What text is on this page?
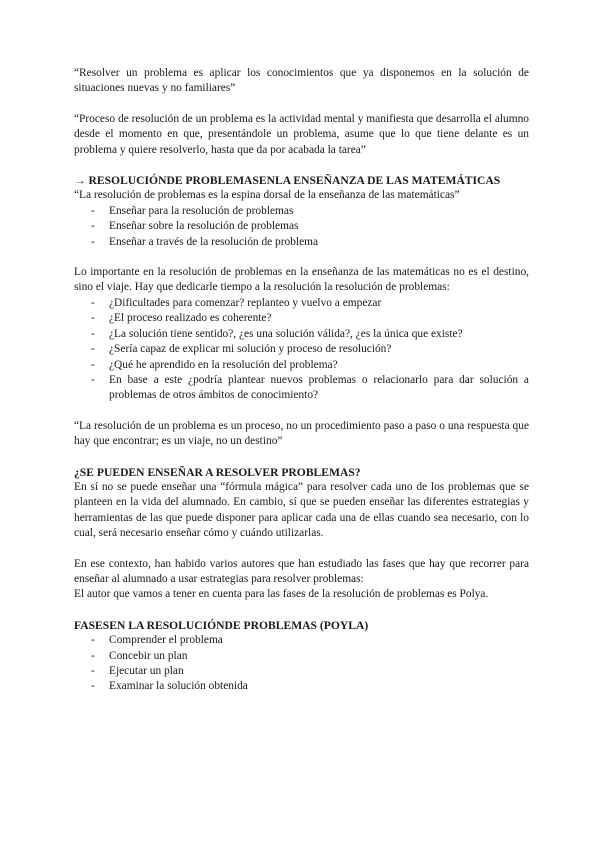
“Resolver un problema es aplicar los conocimientos que ya disponemos en la solución de situaciones nuevas y no familiares”

“Proceso de resolución de un problema es la actividad mental y manifiesta que desarrolla el alumno desde el momento en que, presentándole un problema, asume que lo que tiene delante es un problema y quiere resolverlo, hasta que da por acabada la tarea”

→ RESOLUCIÓNDE PROBLEMASENLA ENSEÑANZA DE LAS MATEMÁTICAS

“La resolución de problemas es la espina dorsal de la enseñanza de las matemáticas”

- Enseñar para la resolución de problemas
- Enseñar sobre la resolución de problemas
- Enseñar a través de la resolución de problema

Lo importante en la resolución de problemas en la enseñanza de las matemáticas no es el destino, sino el viaje. Hay que dedicarle tiempo a la resolución la resolución de problemas:

- ¿Dificultades para comenzar? replanteo y vuelvo a empezar
- ¿El proceso realizado es coherente?
- ¿La solución tiene sentido?, ¿es una solución válida?, ¿es la única que existe?
- ¿Sería capaz de explicar mi solución y proceso de resolución?
- ¿Qué he aprendido en la resolución del problema?
- En base a este ¿podría plantear nuevos problemas o relacionarlo para dar solución a problemas de otros ámbitos de conocimiento?

“La resolución de un problema es un proceso, no un procedimiento paso a paso o una respuesta que hay que encontrar; es un viaje, no un destino”

¿SE PUEDEN ENSEÑAR A RESOLVER PROBLEMAS?

En sí no se puede enseñar una “fórmula mágica” para resolver cada uno de los problemas que se planteen en la vida del alumnado. En cambio, sí que se pueden enseñar las diferentes estrategias y herramientas de las que puede disponer para aplicar cada una de ellas cuando sea necesario, con lo cual, será necesario enseñar cómo y cuándo utilizarlas.

En ese contexto, han habido varios autores que han estudiado las fases que hay que recorrer para enseñar al alumnado a usar estrategias para resolver problemas:

El autor que vamos a tener en cuenta para las fases de la resolución de problemas es Polya.

FASESEN LA RESOLUCIÓNDE PROBLEMAS (POYLA)

- Comprender el problema
- Concebir un plan
- Ejecutar un plan
- Examinar la solución obtenida
